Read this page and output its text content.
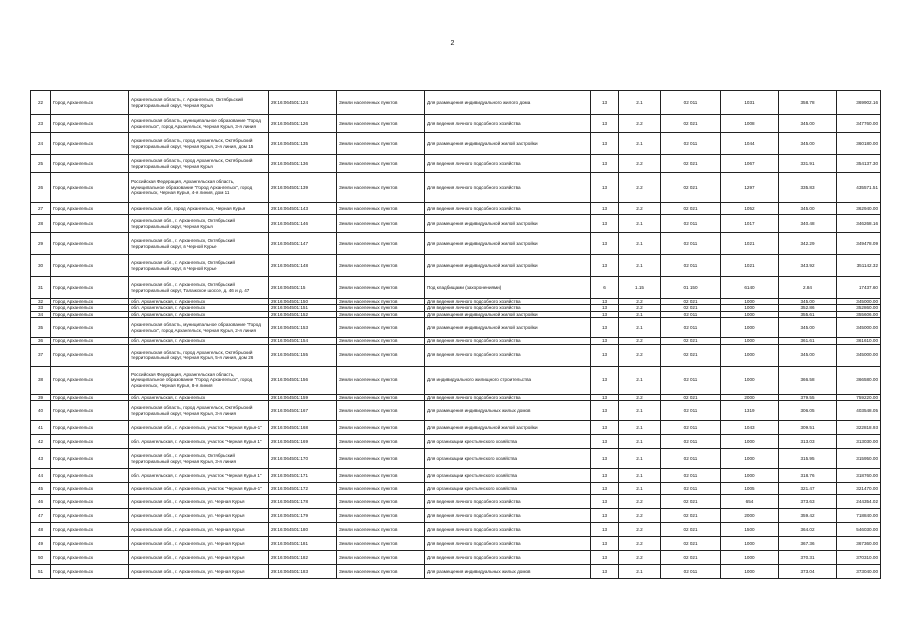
2
22	Город Архангельск	Архангельская область, г. Архангельск, Октябрьский территориальный округ, Черная Курья	29:16:064501:124	Земли населенных пунктов	Для размещения индивидуального жилого дома	13	2.1	02 011	1031	358.78	369902.16
23	Город Архангельск	Архангельская область, муниципальное образование "Город Архангельск", город Архангельск, Черная Курья, 3-я линия	29:16:064501:126	Земли населенных пунктов	Для ведения личного подсобного хозяйства	13	2.2	02 021	1008	345.00	347760.00
24	Город Архангельск	Архангельская область, город Архангельск, Октябрьский территориальный округ, Черная Курья, 2-я линия, дом 15	29:16:064501:135	Земли населенных пунктов	Для размещения индивидуальной жилой застройки	13	2.1	02 011	1044	345.00	360180.00
25	Город Архангельск	Архангельская область, город Архангельск, Октябрьский территориальный округ, Черная Курья	29:16:064501:136	Земли населенных пунктов	Для ведения личного подсобного хозяйства	13	2.2	02 021	1067	331.91	354137.30
26	Город Архангельск	Российская Федерация, Архангельская область, муниципальное образование "Город Архангельск", город Архангельск, Черная Курья, 4-я линия, дом 11	29:16:064501:139	Земли населенных пунктов	Для ведения личного подсобного хозяйства	13	2.2	02 021	1297	335.83	435571.51
27	Город Архангельск	Архангельская обл, город Архангельск, Черная Курья	29:16:064501:143	Земли населенных пунктов	Для ведения личного подсобного хозяйства	13	2.2	02 021	1052	345.00	362940.00
28	Город Архангельск	Архангельская обл., г. Архангельск, Октябрьский территориальный округ, Черная Курья	29:16:064501:146	Земли населенных пунктов	Для размещения индивидуальной жилой застройки	13	2.1	02 011	1017	340.48	346268.16
29	Город Архангельск	Архангельская обл., г. Архангельск, Октябрьский территориальный округ, в Черной Курье	29:16:064501:147	Земли населенных пунктов	Для размещения индивидуальной жилой застройки	13	2.1	02 011	1021	342.29	349478.09
30	Город Архангельск	Архангельская обл., г. Архангельск, Октябрьский территориальный округ, в Черной Курье	29:16:064501:148	Земли населенных пунктов	Для размещения индивидуальной жилой застройки	13	2.1	02 011	1021	343.92	351142.32
31	Город Архангельск	Архангельская обл., г. Архангельск, Октябрьский территориальный округ, Талажское шоссе, д. 46 и д. 47	29:16:064501:15	Земли населенных пунктов	Под кладбищами (захоронениями)	6	1.15	01 150	6140	2.84	17437.60
32	Город Архангельск	обл. Архангельская, г. Архангельск	29:16:064501:150	Земли населенных пунктов	Для ведения личного подсобного хозяйства	13	2.2	02 021	1000	345.00	345000.00
33	Город Архангельск	обл. Архангельская, г. Архангельск	29:16:064501:151	Земли населенных пунктов	Для ведения личного подсобного хозяйства	13	2.2	02 021	1000	352.86	352860.00
34	Город Архангельск	обл. Архангельская, г. Архангельск	29:16:064501:152	Земли населенных пунктов	Для размещения индивидуальной жилой застройки	13	2.1	02 011	1000	355.61	355606.00
35	Город Архангельск	Архангельская область, муниципальное образование "Город Архангельск", город Архангельск, Черная Курья, 2-я линия	29:16:064501:153	Земли населенных пунктов	Для размещения индивидуальной жилой застройки	13	2.1	02 011	1000	345.00	345000.00
36	Город Архангельск	обл. Архангельская, г. Архангельск	29:16:064501:154	Земли населенных пунктов	Для ведения личного подсобного хозяйства	13	2.2	02 021	1000	361.61	361610.00
37	Город Архангельск	Архангельская область, город Архангельск, Октябрьский территориальный округ, Черная Курья, 5-я линия, дом 26	29:16:064501:155	Земли населенных пунктов	Для ведения личного подсобного хозяйства	13	2.2	02 021	1000	345.00	345000.00
38	Город Архангельск	Российская Федерация, Архангельская область, муниципальное образование "Город Архангельск", город Архангельск, Черная Курья, 8-я линия	29:16:064501:156	Земли населенных пунктов	Для индивидуального жилищного строительства	13	2.1	02 011	1000	366.58	366580.00
39	Город Архангельск	обл. Архангельская, г. Архангельск	29:16:064501:159	Земли населенных пунктов	Для ведения личного подсобного хозяйства	13	2.2	02 021	2000	379.55	759220.00
40	Город Архангельск	Архангельская область, город Архангельск, Октябрьский территориальный округ, Черная Курья, 3-я линия	29:16:064501:167	Земли населенных пунктов	Для размещения индивидуальных жилых домов	13	2.1	02 011	1319	306.05	403548.05
41	Город Архангельск	Архангельская обл., г. Архангельск, участок "Черная Курья-1"	29:16:064501:168	Земли населенных пунктов	Для размещения индивидуальной жилой застройки	13	2.1	02 011	1043	309.51	322818.93
42	Город Архангельск	обл. Архангельская, г. Архангельск, участок "Черная Курья 1"	29:16:064501:169	Земли населенных пунктов	Для организации крестьянского хозяйства	13	2.1	02 011	1000	313.03	313030.00
43	Город Архангельск	Архангельская обл., г. Архангельск, Октябрьский территориальный округ, Черная Курья, 3-я линия	29:16:064501:170	Земли населенных пунктов	Для организации крестьянского хозяйства	13	2.1	02 011	1000	315.95	315950.00
44	Город Архангельск	обл. Архангельская, г. Архангельск, участок "Черная Курья 1"	29:16:064501:171	Земли населенных пунктов	Для организации крестьянского хозяйства	13	2.1	02 011	1000	318.76	318760.00
45	Город Архангельск	Архангельская обл., г. Архангельск, участок "Черная Курья-1"	29:16:064501:172	Земли населенных пунктов	Для организации крестьянского хозяйства	13	2.1	02 011	1005	321.47	321470.00
46	Город Архангельск	Архангельская обл., г. Архангельск, ул. Черная Курья	29:16:064501:178	Земли населенных пунктов	Для ведения личного подсобного хозяйства	13	2.2	02 021	654	373.63	244354.02
47	Город Архангельск	Архангельская обл., г. Архангельск, ул. Черная Курья	29:16:064501:179	Земли населенных пунктов	Для ведения личного подсобного хозяйства	13	2.2	02 021	2000	359.42	718840.00
48	Город Архангельск	Архангельская обл., г. Архангельск, ул. Черная Курья	29:16:064501:180	Земли населенных пунктов	Для ведения личного подсобного хозяйства	13	2.2	02 021	1500	364.02	546030.00
49	Город Архангельск	Архангельская обл., г. Архангельск, ул. Черная Курья	29:16:064501:181	Земли населенных пунктов	Для ведения личного подсобного хозяйства	13	2.2	02 021	1000	367.36	367360.00
50	Город Архангельск	Архангельская обл., г. Архангельск, ул. Черная Курья	29:16:064501:182	Земли населенных пунктов	Для ведения личного подсобного хозяйства	13	2.2	02 021	1000	370.31	370310.00
51	Город Архангельск	Архангельская обл., г. Архангельск, ул. Черная Курья	29:16:064501:183	Земли населенных пунктов	Для размещения индивидуальных жилых домов	13	2.1	02 011	1000	373.04	373040.00
